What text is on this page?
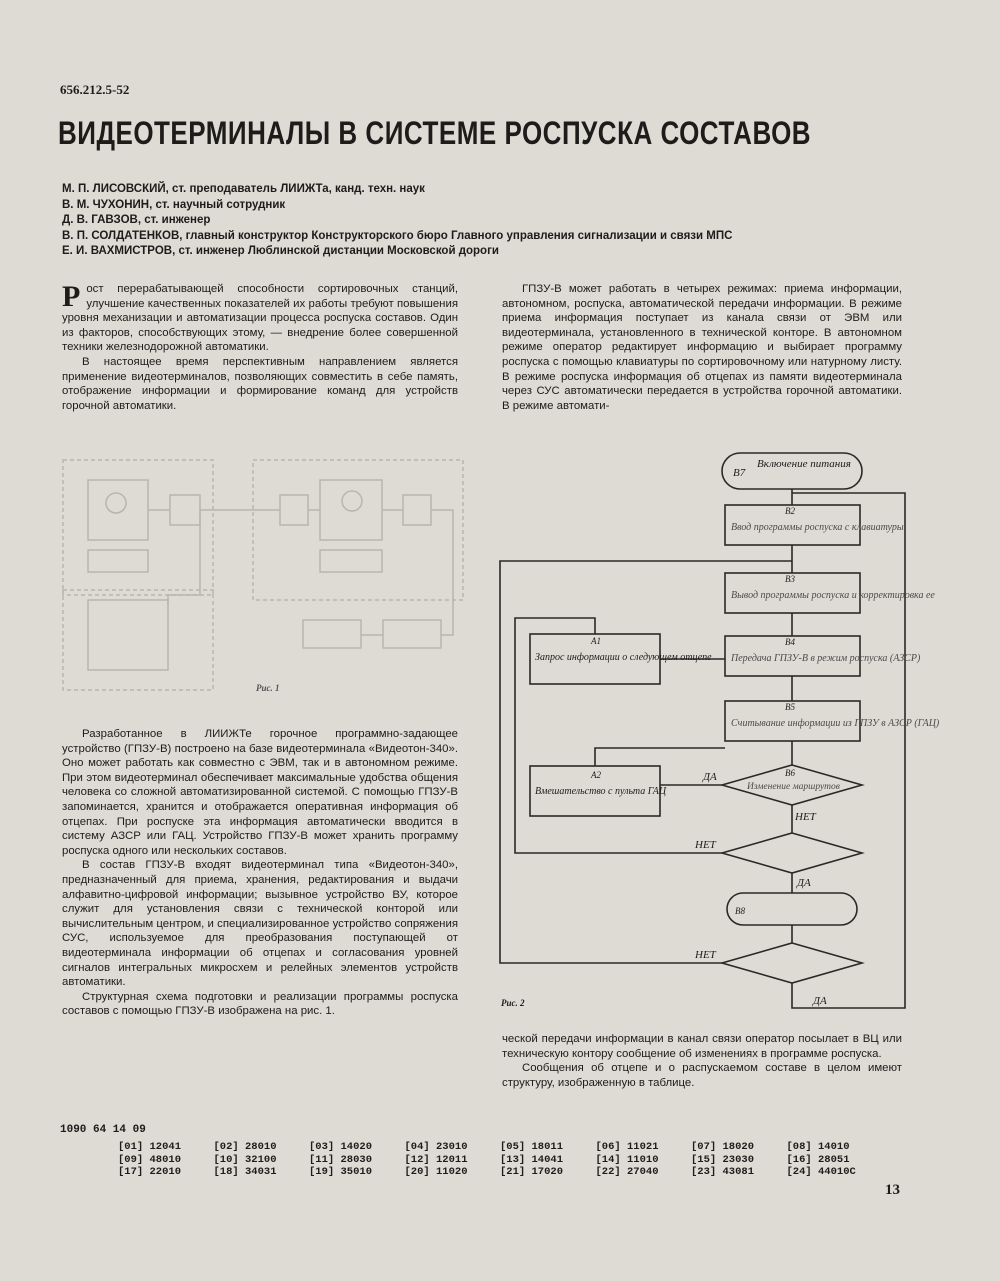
656.212.5-52
ВИДЕОТЕРМИНАЛЫ В СИСТЕМЕ РОСПУСКА СОСТАВОВ
М. П. ЛИСОВСКИЙ, ст. преподаватель ЛИИЖТа, канд. техн. наук
В. М. ЧУХОНИН, ст. научный сотрудник
Д. В. ГАВЗОВ, ст. инженер
В. П. СОЛДАТЕНКОВ, главный конструктор Конструкторского бюро Главного управления сигнализации и связи МПС
Е. И. ВАХМИСТРОВ, ст. инженер Люблинской дистанции Московской дороги

Рост перерабатывающей способности сортировочных станций, улучшение качественных показателей их работы требуют повышения уровня механизации и автоматизации процесса роспуска составов. Один из факторов, способствующих этому, — внедрение более совершенной техники железнодорожной автоматики.

В настоящее время перспективным направлением является применение видеотерминалов, позволяющих совместить в себе память, отображение информации и формирование команд для устройств горочной автоматики.

Рис. 1

Разработанное в ЛИИЖТе горочное программно-задающее устройство (ГПЗУ-В) построено на базе видеотерминала «Видеотон-340». Оно может работать как совместно с ЭВМ, так и в автономном режиме. При этом видеотерминал обеспечивает максимальные удобства общения человека со сложной автоматизированной системой. С помощью ГПЗУ-В запоминается, хранится и отображается оперативная информация об отцепах. При роспуске эта информация автоматически вводится в систему АЗСР или ГАЦ. Устройство ГПЗУ-В может хранить программу роспуска одного или нескольких составов.

В состав ГПЗУ-В входят видеотерминал типа «Видеотон-340», предназначенный для приема, хранения, редактирования и выдачи алфавитно-цифровой информации; вызывное устройство ВУ, которое служит для установления связи с технической конторой или вычислительным центром, и специализированное устройство сопряжения СУС, используемое для преобразования поступающей от видеотерминала информации об отцепах и согласования уровней сигналов интегральных микросхем и релейных элементов устройств автоматики.

Структурная схема подготовки и реализации программы роспуска составов с помощью ГПЗУ-В изображена на рис. 1.

ГПЗУ-В может работать в четырех режимах: приема информации, автономном, роспуска, автоматической передачи информации. В режиме приема информация поступает из канала связи от ЭВМ или видеотерминала, установленного в технической конторе. В автономном режиме оператор редактирует информацию и выбирает программу роспуска с помощью клавиатуры по сортировочному или натурному листу. В режиме роспуска информация об отцепах из памяти видеотерминала через СУС автоматически передается в устройства горочной автоматики. В режиме автомати-

В7
Включение питания
В2
Ввод программы роспуска с клавиатуры
В3
Вывод программы роспуска и корректировка ее
В4
Передача ГПЗУ-В в режим роспуска (АЗСР)
В5
Считывание информации из ГПЗУ в АЗСР (ГАЦ)
В6
Изменение маршрутов
В8
А1
Запрос информации о следующем отцепе
А2
Вмешательство с пульта ГАЦ
ДА
НЕТ
НЕТ
ДА
НЕТ
ДА
Рис. 2

ческой передачи информации в канал связи оператор посылает в ВЦ или техническую контору сообщение об изменениях в программе роспуска.

Сообщения об отцепе и о распускаемом составе в целом имеют структуру, изображенную в таблице.

1090 64 14 09
[01] 12041	[02] 28010	[03] 14020	[04] 23010	[05] 18011	[06] 11021	[07] 18020	[08] 14010
[09] 48010	[10] 32100	[11] 28030	[12] 12011	[13] 14041	[14] 11010	[15] 23030	[16] 28051
[17] 22010	[18] 34031	[19] 35010	[20] 11020	[21] 17020	[22] 27040	[23] 43081	[24] 44010С
13
